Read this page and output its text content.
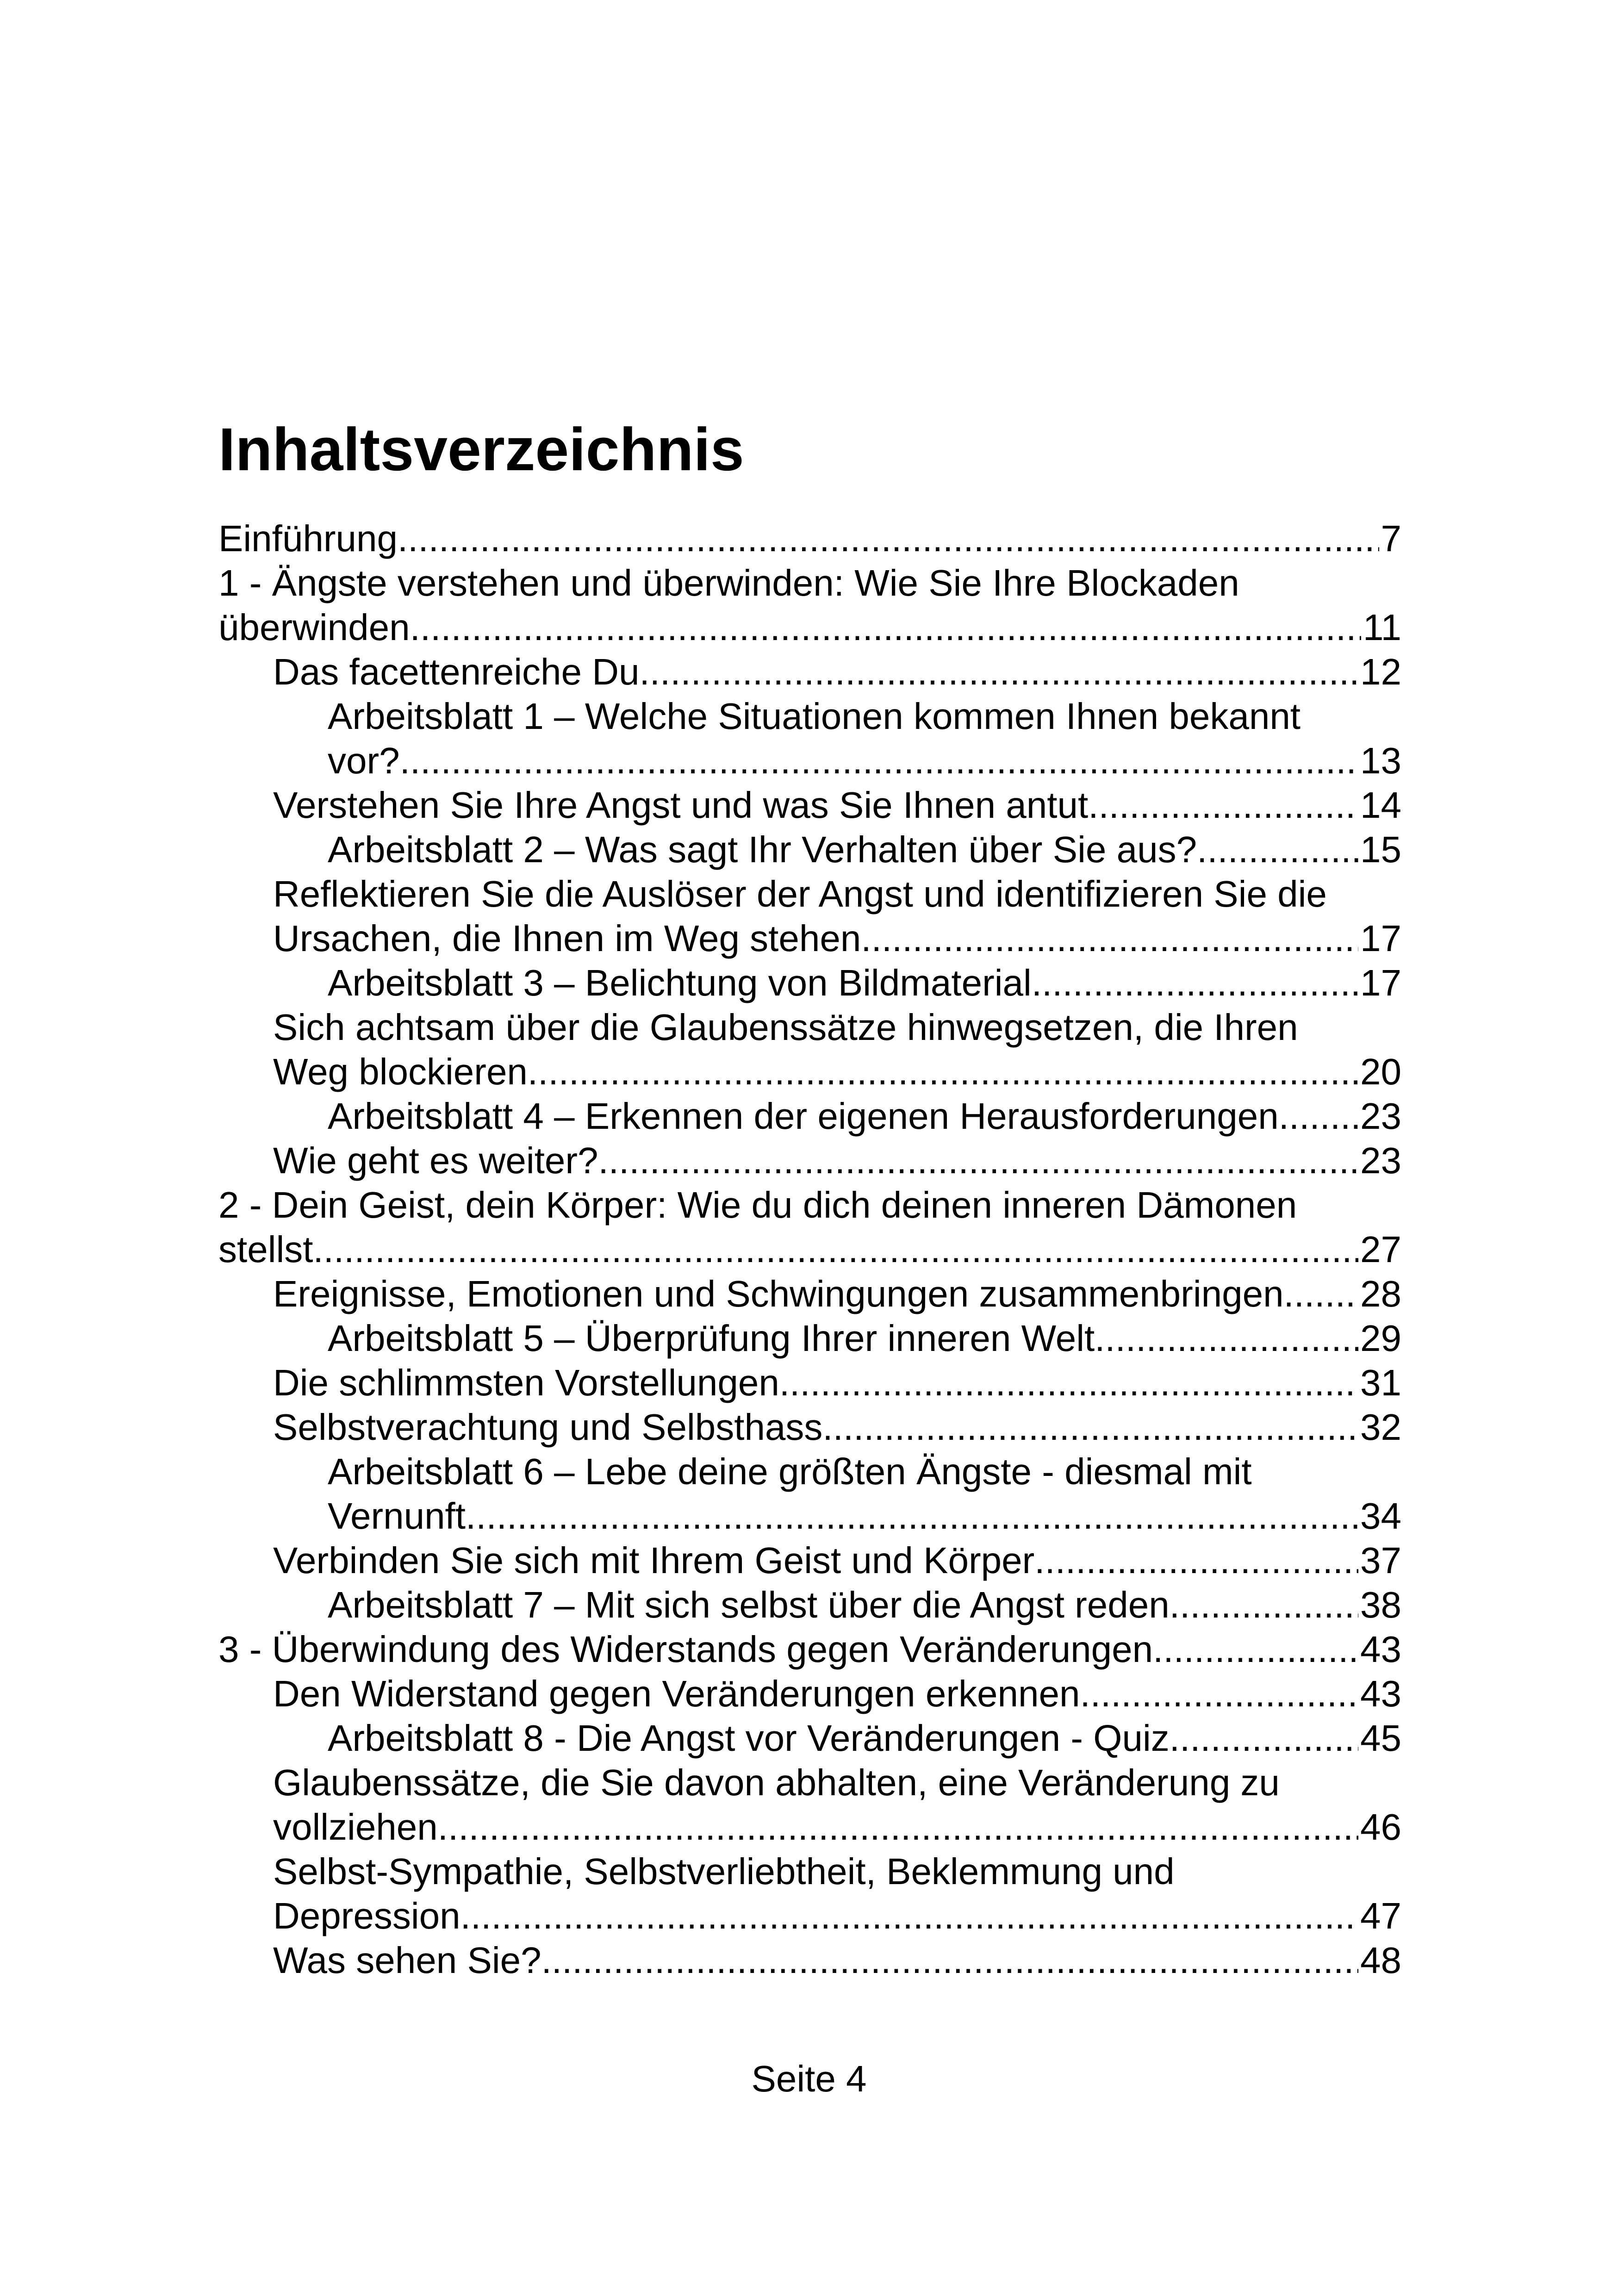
Inhaltsverzeichnis
Einführung .....	7
1 - Ängste verstehen und überwinden: Wie Sie Ihre Blockaden
überwinden .....	11
Das facettenreiche Du .....	12
Arbeitsblatt 1 – Welche Situationen kommen Ihnen bekannt
vor? .....	13
Verstehen Sie Ihre Angst und was Sie Ihnen antut .....	14
Arbeitsblatt 2 – Was sagt Ihr Verhalten über Sie aus? .....	15
Reflektieren Sie die Auslöser der Angst und identifizieren Sie die
Ursachen, die Ihnen im Weg stehen .....	17
Arbeitsblatt 3 – Belichtung von Bildmaterial .....	17
Sich achtsam über die Glaubenssätze hinwegsetzen, die Ihren
Weg blockieren .....	20
Arbeitsblatt 4 – Erkennen der eigenen Herausforderungen ..... 23
Wie geht es weiter? .....	23
2 - Dein Geist, dein Körper: Wie du dich deinen inneren Dämonen
stellst .....	27
Ereignisse, Emotionen und Schwingungen zusammenbringen. ..... 28
Arbeitsblatt 5 – Überprüfung Ihrer inneren Welt .....	29
Die schlimmsten Vorstellungen .....	31
Selbstverachtung und Selbsthass .....	32
Arbeitsblatt 6 – Lebe deine größten Ängste - diesmal mit
Vernunft .....	34
Verbinden Sie sich mit Ihrem Geist und Körper .....	37
Arbeitsblatt 7 – Mit sich selbst über die Angst reden .....	38
3 - Überwindung des Widerstands gegen Veränderungen .....	43
Den Widerstand gegen Veränderungen erkennen .....	43
Arbeitsblatt 8 - Die Angst vor Veränderungen - Quiz .....	45
Glaubenssätze, die Sie davon abhalten, eine Veränderung zu
vollziehen .....	46
Selbst-Sympathie, Selbstverliebtheit, Beklemmung und
Depression .....	47
Was sehen Sie? .....	48
Seite 4
